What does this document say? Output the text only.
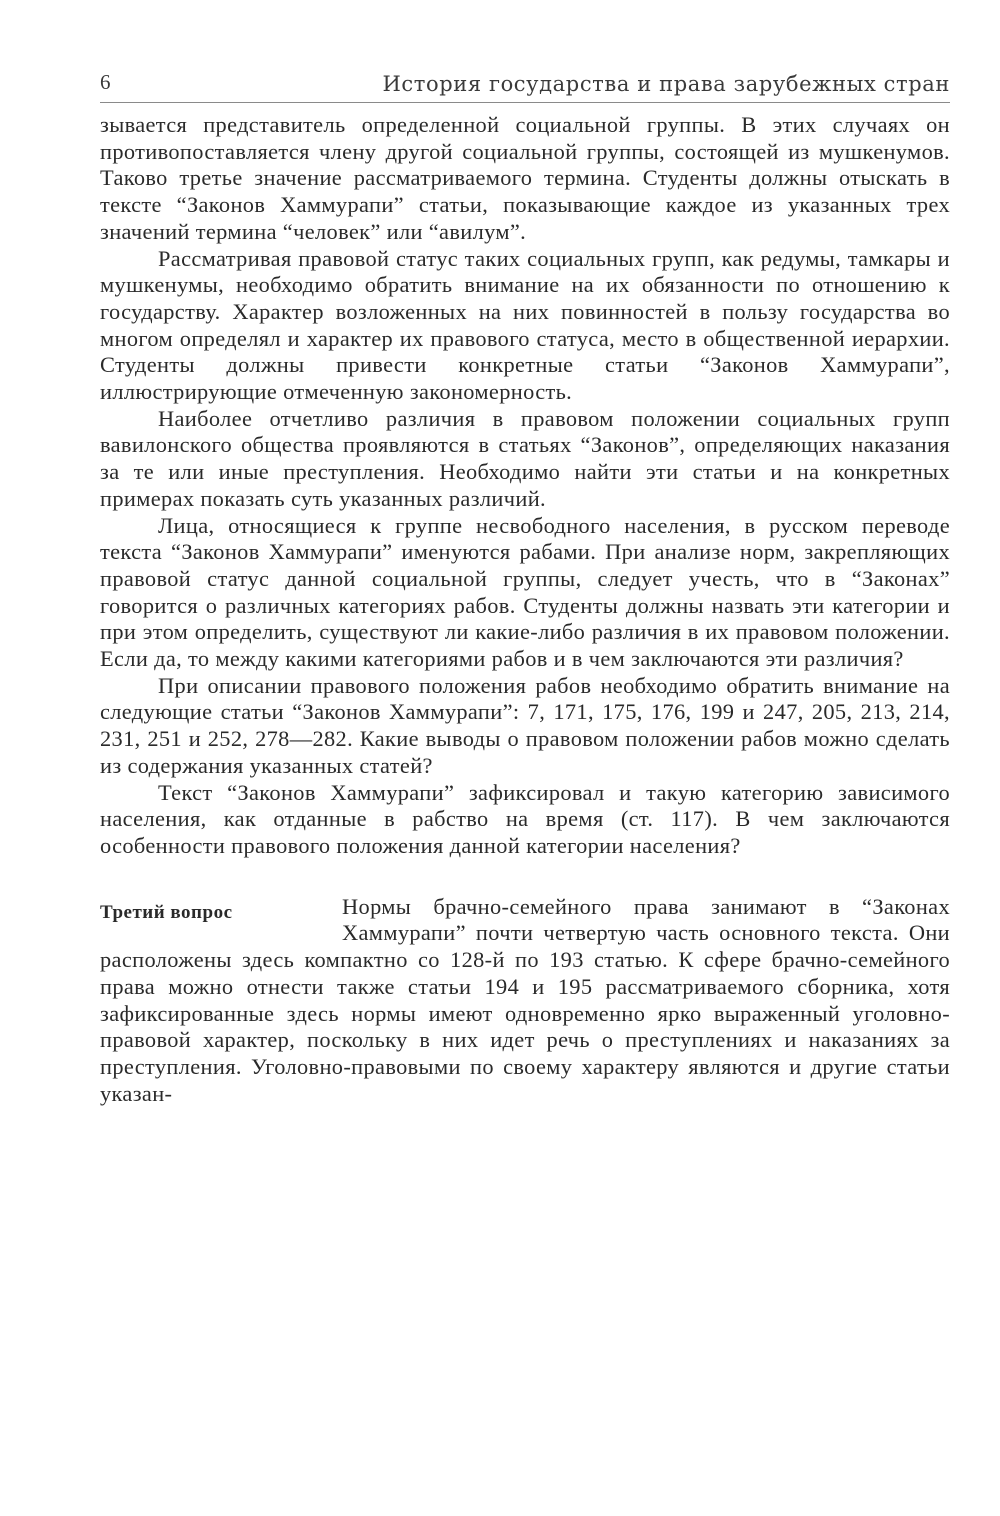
6	История государства и права зарубежных стран

зывается представитель определенной социальной группы. В этих случаях он противопоставляется члену другой социальной группы, состоящей из мушкенумов. Таково третье значение рассматриваемого термина. Студенты должны отыскать в тексте “Законов Хаммурапи” статьи, показывающие каждое из указанных трех значений термина “человек” или “авилум”.

Рассматривая правовой статус таких социальных групп, как редумы, тамкары и мушкенумы, необходимо обратить внимание на их обязанности по отношению к государству. Характер возложенных на них повинностей в пользу государства во многом определял и характер их правового статуса, место в общественной иерархии. Студенты должны привести конкретные статьи “Законов Хаммурапи”, иллюстрирующие отмеченную закономерность.

Наиболее отчетливо различия в правовом положении социальных групп вавилонского общества проявляются в статьях “Законов”, определяющих наказания за те или иные преступления. Необходимо найти эти статьи и на конкретных примерах показать суть указанных различий.

Лица, относящиеся к группе несвободного населения, в русском переводе текста “Законов Хаммурапи” именуются рабами. При анализе норм, закрепляющих правовой статус данной социальной группы, следует учесть, что в “Законах” говорится о различных категориях рабов. Студенты должны назвать эти категории и при этом определить, существуют ли какие-либо различия в их правовом положении. Если да, то между какими категориями рабов и в чем заключаются эти различия?

При описании правового положения рабов необходимо обратить внимание на следующие статьи “Законов Хаммурапи”: 7, 171, 175, 176, 199 и 247, 205, 213, 214, 231, 251 и 252, 278—282. Какие выводы о правовом положении рабов можно сделать из содержания указанных статей?

Текст “Законов Хаммурапи” зафиксировал и такую категорию зависимого населения, как отданные в рабство на время (ст. 117). В чем заключаются особенности правового положения данной категории населения?

Третий вопрос	Нормы брачно-семейного права занимают в “Законах Хаммурапи” почти четвертую часть основного текста. Они расположены здесь компактно со 128-й по 193 статью. К сфере брачно-семейного права можно отнести также статьи 194 и 195 рассматриваемого сборника, хотя зафиксированные здесь нормы имеют одновременно ярко выраженный уголовно-правовой характер, поскольку в них идет речь о преступлениях и наказаниях за преступления. Уголовно-правовыми по своему характеру являются и другие статьи указан-
